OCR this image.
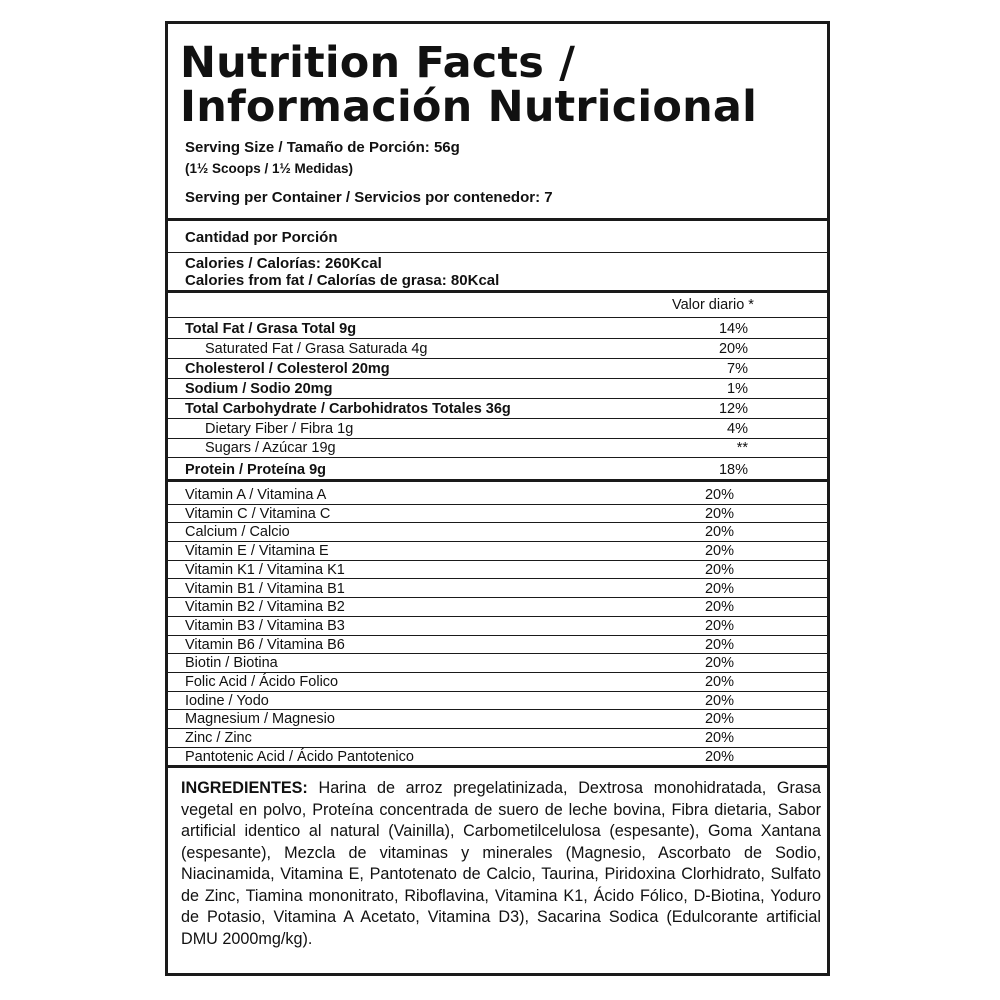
Nutrition Facts /
Información Nutricional
Serving Size / Tamaño de Porción: 56g
(1½ Scoops / 1½ Medidas)
Serving per Container / Servicios por contenedor: 7
Cantidad por Porción
Calories / Calorías: 260Kcal
Calories from fat / Calorías de grasa: 80Kcal
Valor diario *
Total Fat / Grasa Total 9g	14%
Saturated Fat / Grasa Saturada 4g	20%
Cholesterol / Colesterol 20mg	7%
Sodium / Sodio 20mg	1%
Total Carbohydrate / Carbohidratos Totales 36g	12%
Dietary Fiber / Fibra 1g	4%
Sugars / Azúcar 19g	**
Protein / Proteína 9g	18%
Vitamin A / Vitamina A	20%
Vitamin C / Vitamina C	20%
Calcium / Calcio	20%
Vitamin E / Vitamina E	20%
Vitamin K1 / Vitamina K1	20%
Vitamin B1 / Vitamina B1	20%
Vitamin B2 / Vitamina B2	20%
Vitamin B3 / Vitamina B3	20%
Vitamin B6 / Vitamina B6	20%
Biotin / Biotina	20%
Folic Acid / Ácido Folico	20%
Iodine / Yodo	20%
Magnesium / Magnesio	20%
Zinc / Zinc	20%
Pantotenic Acid / Ácido Pantotenico	20%
INGREDIENTES: Harina de arroz pregelatinizada, Dextrosa monohidratada, Grasa vegetal en polvo, Proteína concentrada de suero de leche bovina, Fibra dietaria, Sabor artificial identico al natural (Vainilla), Carbometilcelulosa (espesante), Goma Xantana (espesante), Mezcla de vitaminas y minerales (Magnesio, Ascorbato de Sodio, Niacinamida, Vitamina E, Pantotenato de Calcio, Taurina, Piridoxina Clorhidrato, Sulfato de Zinc, Tiamina mononitrato, Riboflavina, Vitamina K1, Ácido Fólico, D-Biotina, Yoduro de Potasio, Vitamina A Acetato, Vitamina D3), Sacarina Sodica (Edulcorante artificial DMU 2000mg/kg).
